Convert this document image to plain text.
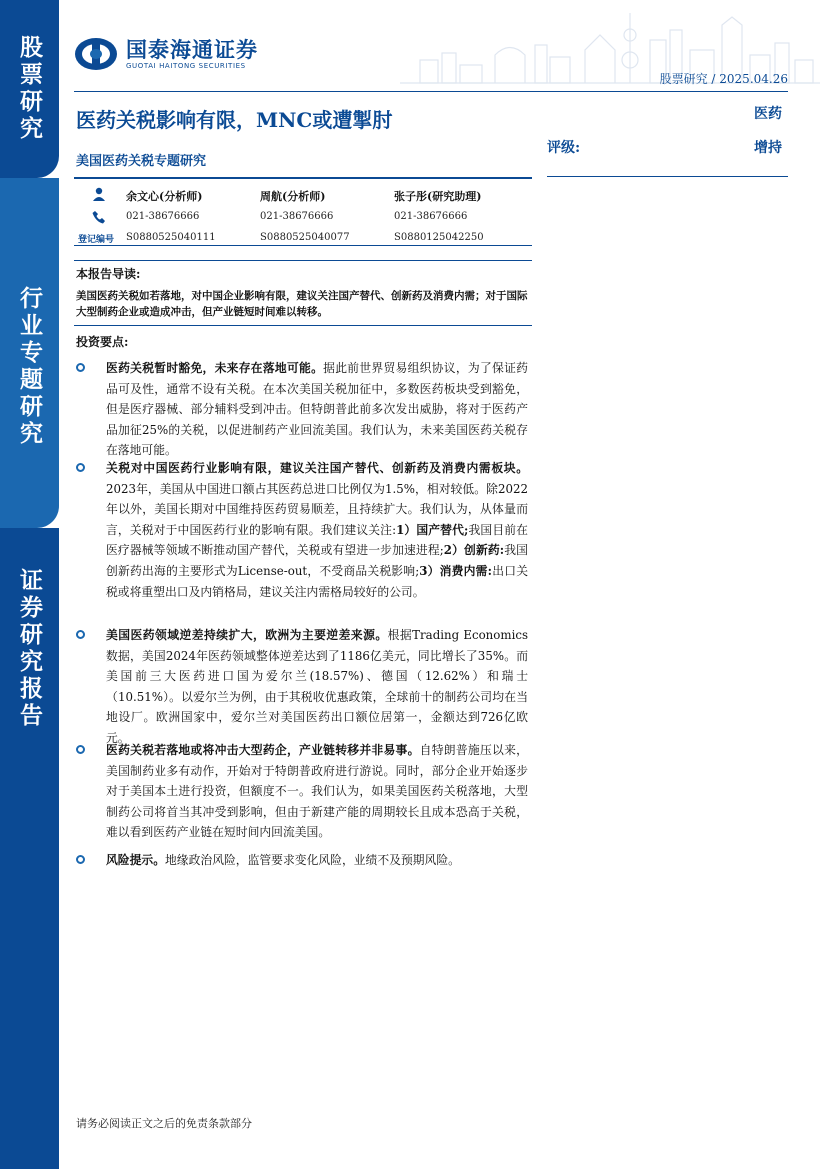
股票研究
行业专题研究
证券研究报告
国泰海通证券
GUOTAI HAITONG SECURITIES
股票研究 / 2025.04.26
医药关税影响有限，MNC或遭掣肘
美国医药关税专题研究
医药
评级:	增持
登记编号
余文心(分析师)
021-38676666
S0880525040111
周航(分析师)
021-38676666
S0880525040077
张子彤(研究助理)
021-38676666
S0880125042250
本报告导读:
美国医药关税如若落地，对中国企业影响有限，建议关注国产替代、创新药及消费内需；对于国际大型制药企业或造成冲击，但产业链短时间难以转移。
投资要点:
医药关税暂时豁免，未来存在落地可能。据此前世界贸易组织协议，为了保证药品可及性，通常不设有关税。在本次美国关税加征中，多数医药板块受到豁免，但是医疗器械、部分辅料受到冲击。但特朗普此前多次发出威胁，将对于医药产品加征25%的关税，以促进制药产业回流美国。我们认为，未来美国医药关税存在落地可能。
关税对中国医药行业影响有限，建议关注国产替代、创新药及消费内需板块。2023年，美国从中国进口额占其医药总进口比例仅为1.5%，相对较低。除2022年以外，美国长期对中国维持医药贸易顺差，且持续扩大。我们认为，从体量而言，关税对于中国医药行业的影响有限。我们建议关注:1）国产替代;我国目前在医疗器械等领域不断推动国产替代，关税或有望进一步加速进程;2）创新药:我国创新药出海的主要形式为License-out，不受商品关税影响;3）消费内需:出口关税或将重塑出口及内销格局，建议关注内需格局较好的公司。
美国医药领域逆差持续扩大，欧洲为主要逆差来源。根据Trading Economics数据，美国2024年医药领域整体逆差达到了1186亿美元，同比增长了35%。而美国前三大医药进口国为爱尔兰(18.57%)、德国（12.62%）和瑞士（10.51%）。以爱尔兰为例，由于其税收优惠政策，全球前十的制药公司均在当地设厂。欧洲国家中，爱尔兰对美国医药出口额位居第一，金额达到726亿欧元。
医药关税若落地或将冲击大型药企，产业链转移并非易事。自特朗普施压以来，美国制药业多有动作，开始对于特朗普政府进行游说。同时，部分企业开始逐步对于美国本土进行投资，但额度不一。我们认为，如果美国医药关税落地，大型制药公司将首当其冲受到影响，但由于新建产能的周期较长且成本恐高于关税，难以看到医药产业链在短时间内回流美国。
风险提示。地缘政治风险，监管要求变化风险，业绩不及预期风险。
请务必阅读正文之后的免责条款部分
